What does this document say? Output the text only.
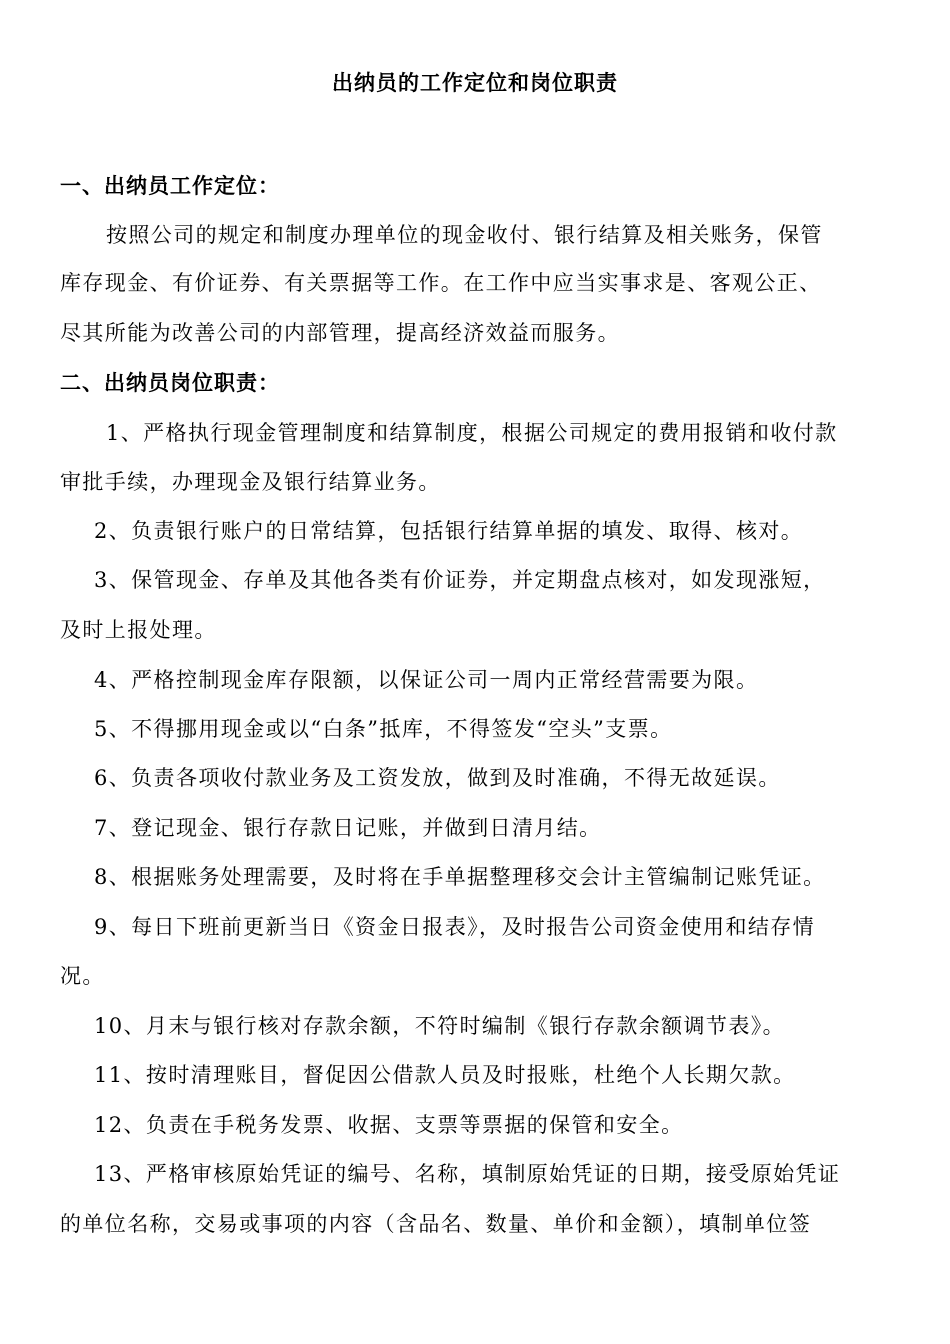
出纳员的工作定位和岗位职责
一、出纳员工作定位：
按照公司的规定和制度办理单位的现金收付、银行结算及相关账务，保管
库存现金、有价证券、有关票据等工作。在工作中应当实事求是、客观公正、
尽其所能为改善公司的内部管理，提高经济效益而服务。
二、出纳员岗位职责：
1、严格执行现金管理制度和结算制度，根据公司规定的费用报销和收付款
审批手续，办理现金及银行结算业务。
2、负责银行账户的日常结算，包括银行结算单据的填发、取得、核对。
3、保管现金、存单及其他各类有价证券，并定期盘点核对，如发现涨短，
及时上报处理。
4、严格控制现金库存限额，以保证公司一周内正常经营需要为限。
5、不得挪用现金或以“白条”抵库，不得签发“空头”支票。
6、负责各项收付款业务及工资发放，做到及时准确，不得无故延误。
7、登记现金、银行存款日记账，并做到日清月结。
8、根据账务处理需要，及时将在手单据整理移交会计主管编制记账凭证。
9、每日下班前更新当日《资金日报表》，及时报告公司资金使用和结存情
况。
10、月末与银行核对存款余额，不符时编制《银行存款余额调节表》。
11、按时清理账目，督促因公借款人员及时报账，杜绝个人长期欠款。
12、负责在手税务发票、收据、支票等票据的保管和安全。
13、严格审核原始凭证的编号、名称，填制原始凭证的日期，接受原始凭证
的单位名称，交易或事项的内容（含品名、数量、单价和金额），填制单位签
